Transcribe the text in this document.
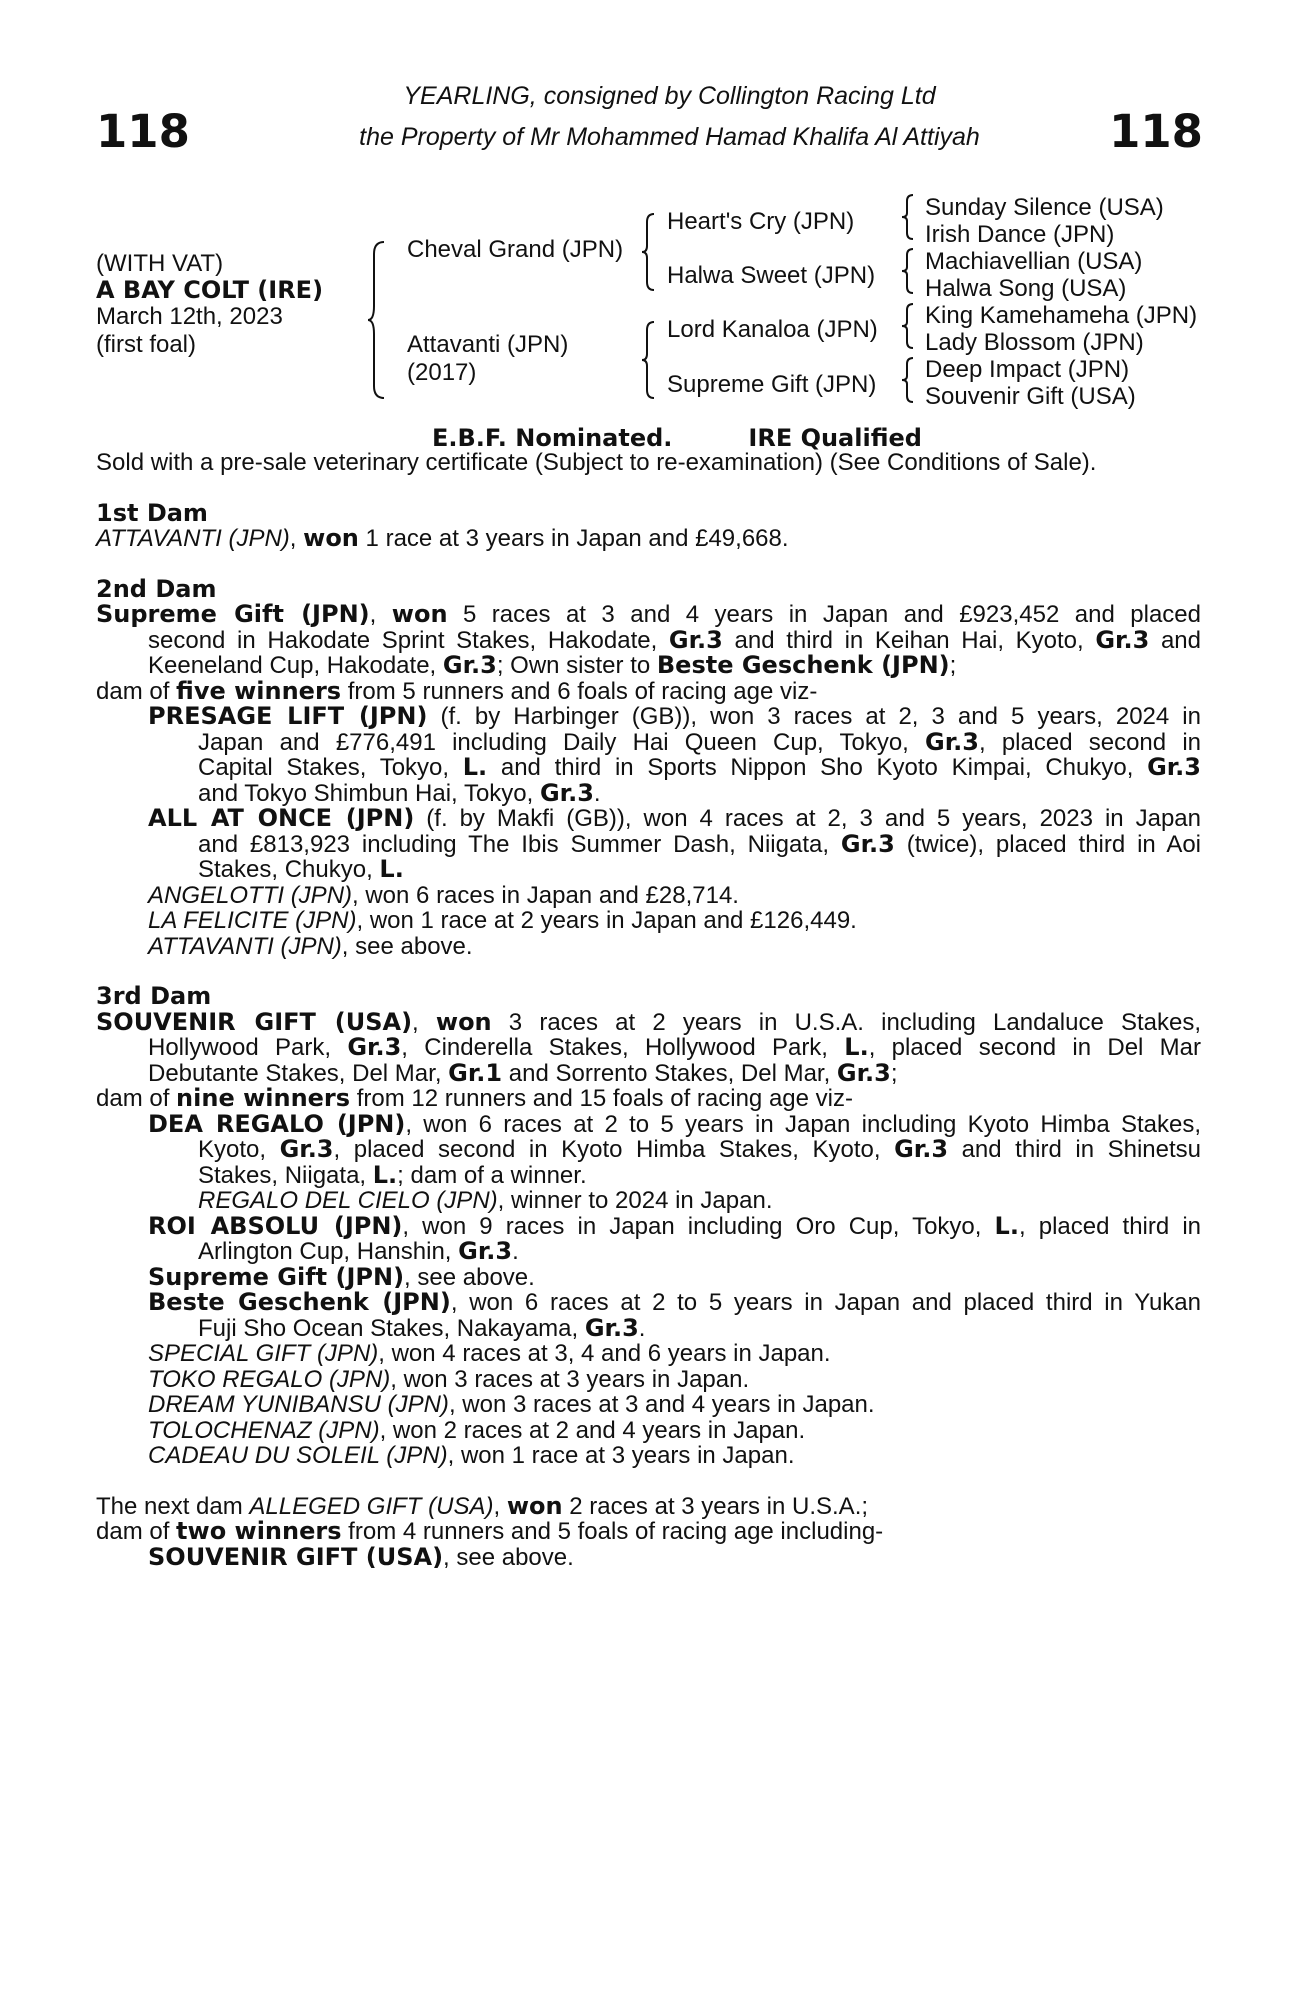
118	118
YEARLING, consigned by Collington Racing Ltd
the Property of Mr Mohammed Hamad Khalifa Al Attiyah
(WITH VAT)
A BAY COLT (IRE)
March 12th, 2023
(first foal)
Cheval Grand (JPN)
Attavanti (JPN)
(2017)
Heart's Cry (JPN)
Halwa Sweet (JPN)
Lord Kanaloa (JPN)
Supreme Gift (JPN)
Sunday Silence (USA)
Irish Dance (JPN)
Machiavellian (USA)
Halwa Song (USA)
King Kamehameha (JPN)
Lady Blossom (JPN)
Deep Impact (JPN)
Souvenir Gift (USA)
E.B.F. Nominated.	IRE Qualified
Sold with a pre-sale veterinary certificate (Subject to re-examination) (See Conditions of Sale).
1st Dam
ATTAVANTI (JPN), won 1 race at 3 years in Japan and £49,668.
2nd Dam
Supreme Gift (JPN), won 5 races at 3 and 4 years in Japan and £923,452 and placed
second in Hakodate Sprint Stakes, Hakodate, Gr.3 and third in Keihan Hai, Kyoto, Gr.3 and
Keeneland Cup, Hakodate, Gr.3; Own sister to Beste Geschenk (JPN);
dam of five winners from 5 runners and 6 foals of racing age viz-
PRESAGE LIFT (JPN) (f. by Harbinger (GB)), won 3 races at 2, 3 and 5 years, 2024 in
Japan and £776,491 including Daily Hai Queen Cup, Tokyo, Gr.3, placed second in
Capital Stakes, Tokyo, L. and third in Sports Nippon Sho Kyoto Kimpai, Chukyo, Gr.3
and Tokyo Shimbun Hai, Tokyo, Gr.3.
ALL AT ONCE (JPN) (f. by Makfi (GB)), won 4 races at 2, 3 and 5 years, 2023 in Japan
and £813,923 including The Ibis Summer Dash, Niigata, Gr.3 (twice), placed third in Aoi
Stakes, Chukyo, L.
ANGELOTTI (JPN), won 6 races in Japan and £28,714.
LA FELICITE (JPN), won 1 race at 2 years in Japan and £126,449.
ATTAVANTI (JPN), see above.
3rd Dam
SOUVENIR GIFT (USA), won 3 races at 2 years in U.S.A. including Landaluce Stakes,
Hollywood Park, Gr.3, Cinderella Stakes, Hollywood Park, L., placed second in Del Mar
Debutante Stakes, Del Mar, Gr.1 and Sorrento Stakes, Del Mar, Gr.3;
dam of nine winners from 12 runners and 15 foals of racing age viz-
DEA REGALO (JPN), won 6 races at 2 to 5 years in Japan including Kyoto Himba Stakes,
Kyoto, Gr.3, placed second in Kyoto Himba Stakes, Kyoto, Gr.3 and third in Shinetsu
Stakes, Niigata, L.; dam of a winner.
REGALO DEL CIELO (JPN), winner to 2024 in Japan.
ROI ABSOLU (JPN), won 9 races in Japan including Oro Cup, Tokyo, L., placed third in
Arlington Cup, Hanshin, Gr.3.
Supreme Gift (JPN), see above.
Beste Geschenk (JPN), won 6 races at 2 to 5 years in Japan and placed third in Yukan
Fuji Sho Ocean Stakes, Nakayama, Gr.3.
SPECIAL GIFT (JPN), won 4 races at 3, 4 and 6 years in Japan.
TOKO REGALO (JPN), won 3 races at 3 years in Japan.
DREAM YUNIBANSU (JPN), won 3 races at 3 and 4 years in Japan.
TOLOCHENAZ (JPN), won 2 races at 2 and 4 years in Japan.
CADEAU DU SOLEIL (JPN), won 1 race at 3 years in Japan.
The next dam ALLEGED GIFT (USA), won 2 races at 3 years in U.S.A.;
dam of two winners from 4 runners and 5 foals of racing age including-
SOUVENIR GIFT (USA), see above.
